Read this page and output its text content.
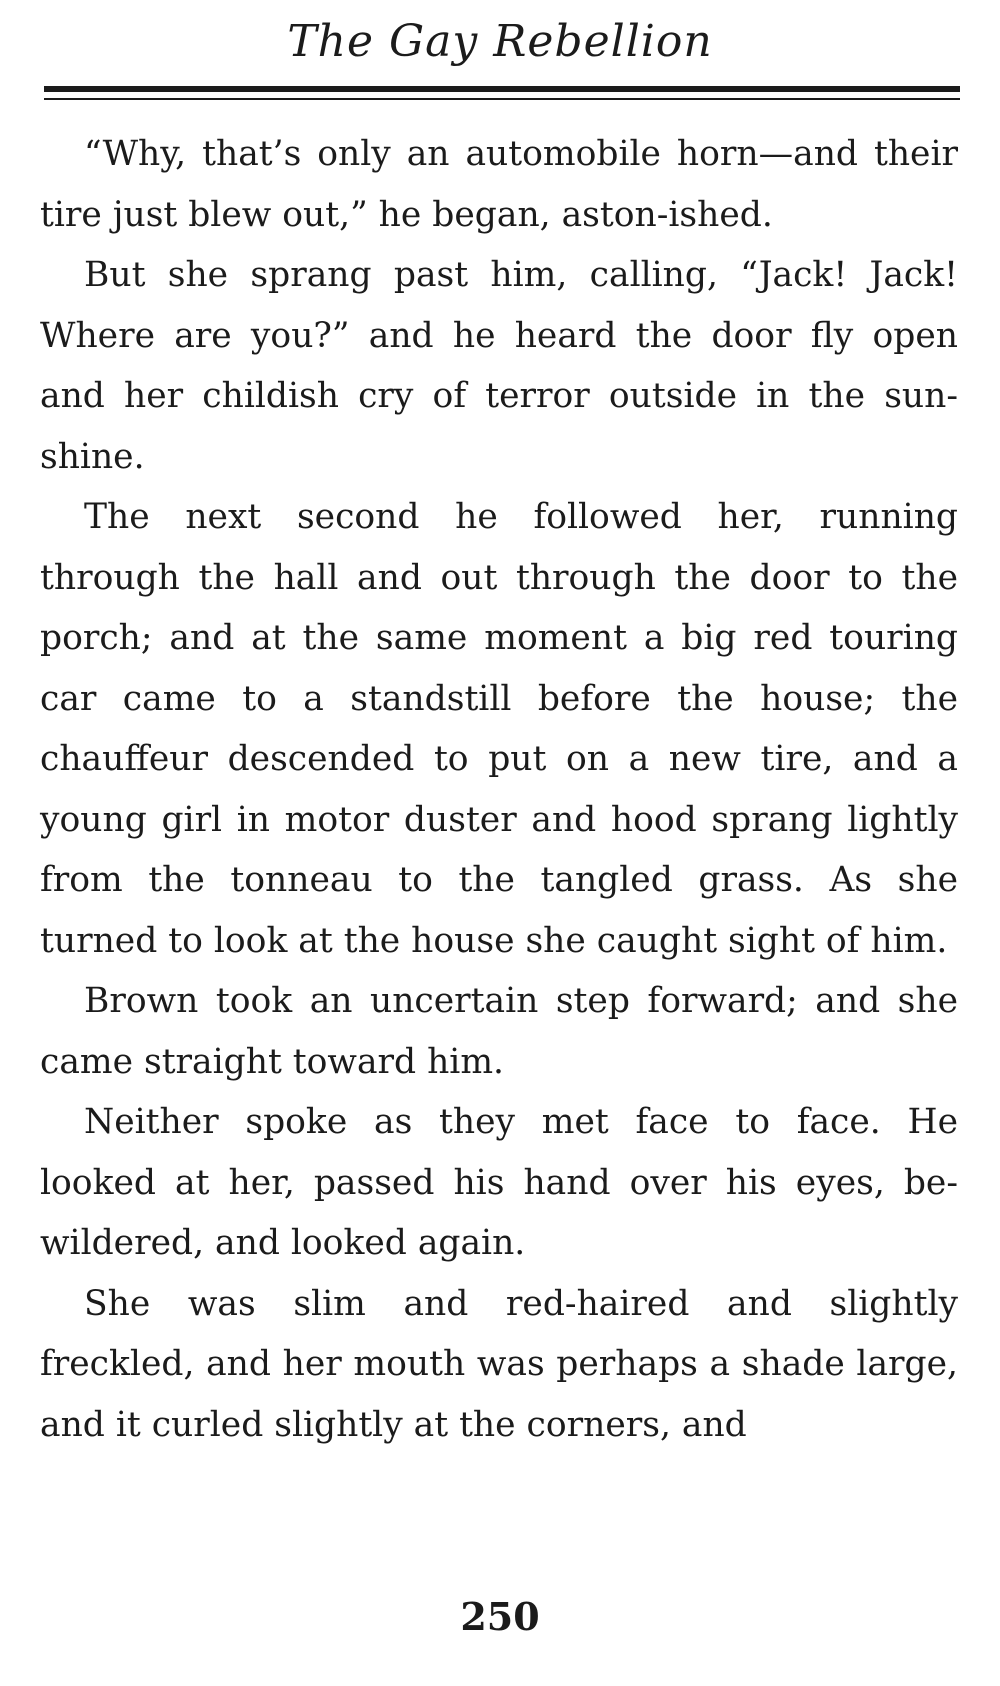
The Gay Rebellion

“Why, that’s only an automobile horn—and their tire just blew out,” he began, aston-ished.

But she sprang past him, calling, “Jack! Jack! Where are you?” and he heard the door fly open and her childish cry of terror outside in the sun-shine.

The next second he followed her, running through the hall and out through the door to the porch; and at the same moment a big red touring car came to a standstill before the house; the chauffeur descended to put on a new tire, and a young girl in motor duster and hood sprang lightly from the tonneau to the tangled grass. As she turned to look at the house she caught sight of him.

Brown took an uncertain step forward; and she came straight toward him.

Neither spoke as they met face to face. He looked at her, passed his hand over his eyes, be-wildered, and looked again.

She was slim and red-haired and slightly freckled, and her mouth was perhaps a shade large, and it curled slightly at the corners, and

250
